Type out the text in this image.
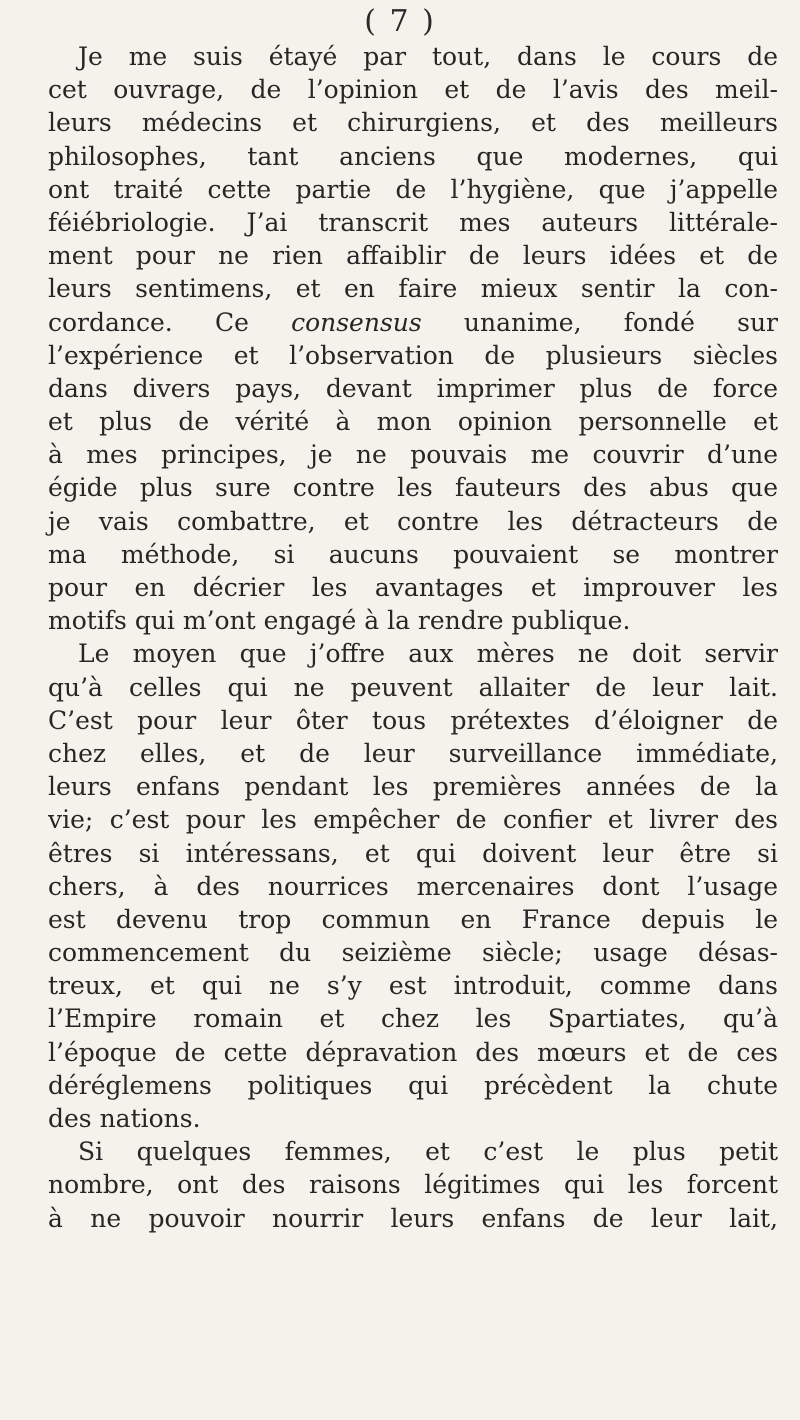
( 7 )
Je me suis étayé par tout, dans le cours de
cet ouvrage, de l’opinion et de l’avis des meil-
leurs médecins et chirurgiens, et des meilleurs
philosophes, tant anciens que modernes, qui
ont traité cette partie de l’hygiène, que j’appelle
féiébriologie. J’ai transcrit mes auteurs littérale-
ment pour ne rien affaiblir de leurs idées et de
leurs sentimens, et en faire mieux sentir la con-
cordance. Ce consensus unanime, fondé sur
l’expérience et l’observation de plusieurs siècles
dans divers pays, devant imprimer plus de force
et plus de vérité à mon opinion personnelle et
à mes principes, je ne pouvais me couvrir d’une
égide plus sure contre les fauteurs des abus que
je vais combattre, et contre les détracteurs de
ma méthode, si aucuns pouvaient se montrer
pour en décrier les avantages et improuver les
motifs qui m’ont engagé à la rendre publique.
Le moyen que j’offre aux mères ne doit servir
qu’à celles qui ne peuvent allaiter de leur lait.
C’est pour leur ôter tous prétextes d’éloigner de
chez elles, et de leur surveillance immédiate,
leurs enfans pendant les premières années de la
vie; c’est pour les empêcher de confier et livrer des
êtres si intéressans, et qui doivent leur être si
chers, à des nourrices mercenaires dont l’usage
est devenu trop commun en France depuis le
commencement du seizième siècle; usage désas-
treux, et qui ne s’y est introduit, comme dans
l’Empire romain et chez les Spartiates, qu’à
l’époque de cette dépravation des mœurs et de ces
déréglemens politiques qui précèdent la chute
des nations.
Si quelques femmes, et c’est le plus petit
nombre, ont des raisons légitimes qui les forcent
à ne pouvoir nourrir leurs enfans de leur lait,
